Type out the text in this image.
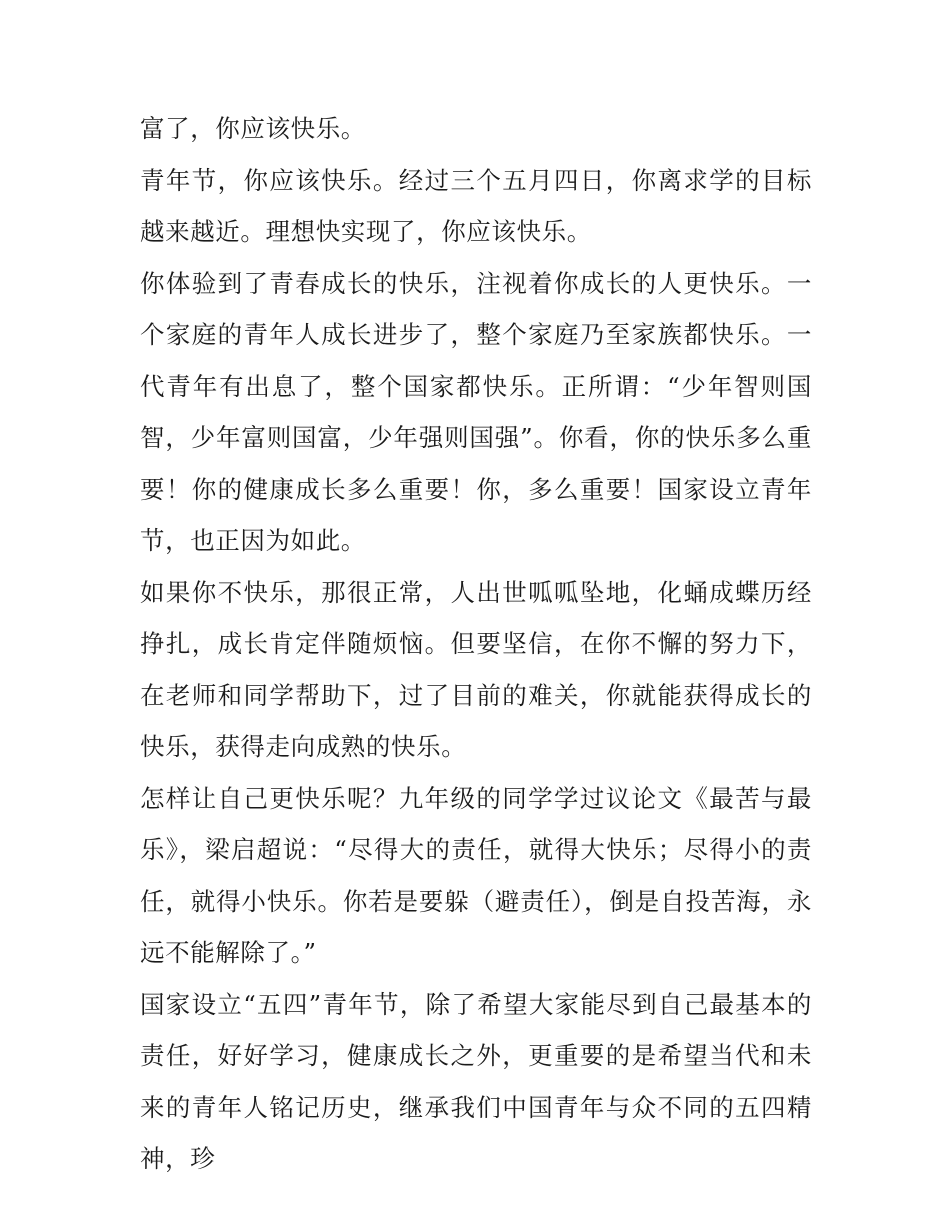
富了，你应该快乐。

青年节，你应该快乐。经过三个五月四日，你离求学的目标越来越近。理想快实现了，你应该快乐。

你体验到了青春成长的快乐，注视着你成长的人更快乐。一个家庭的青年人成长进步了，整个家庭乃至家族都快乐。一代青年有出息了，整个国家都快乐。正所谓：“少年智则国智，少年富则国富，少年强则国强”。你看，你的快乐多么重要！你的健康成长多么重要！你，多么重要！国家设立青年节，也正因为如此。

如果你不快乐，那很正常，人出世呱呱坠地，化蛹成蝶历经挣扎，成长肯定伴随烦恼。但要坚信，在你不懈的努力下，在老师和同学帮助下，过了目前的难关，你就能获得成长的快乐，获得走向成熟的快乐。

怎样让自己更快乐呢？九年级的同学学过议论文《最苦与最乐》，梁启超说：“尽得大的责任，就得大快乐；尽得小的责任，就得小快乐。你若是要躲（避责任），倒是自投苦海，永远不能解除了。”

国家设立“五四”青年节，除了希望大家能尽到自己最基本的责任，好好学习，健康成长之外，更重要的是希望当代和未来的青年人铭记历史，继承我们中国青年与众不同的五四精神，珍
